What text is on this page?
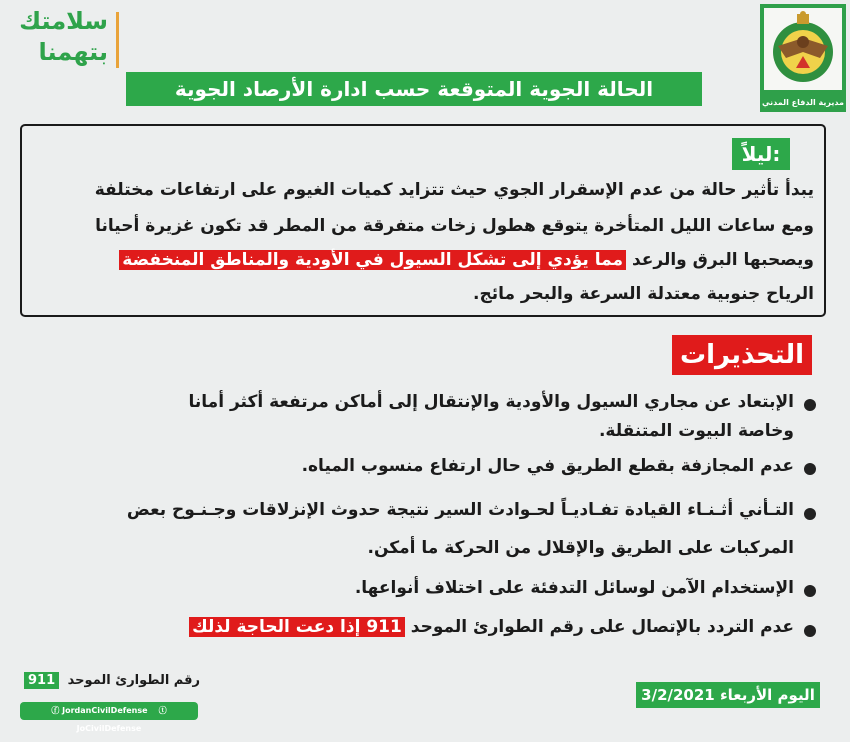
مديرية الدفاع المدني
سلامتك
بتهمنا
الحالة الجوية المتوقعة حسب ادارة الأرصاد الجوية
ليلاً:
يبدأ تأثير حالة من عدم الإسقرار الجوي حيث تتزايد كميات الغيوم على ارتفاعات مختلفة
ومع ساعات الليل المتأخرة يتوقع هطول زخات متفرقة من المطر قد تكون غزيرة أحيانا
ويصحبها البرق والرعد مما يؤدي إلى تشكل السيول في الأودية والمناطق المنخفضة
الرياح جنوبية معتدلة السرعة والبحر مائج.
التحذيرات
الإبتعاد عن مجاري السيول والأودية والإنتقال إلى أماكن مرتفعة أكثر أمانا
وخاصة البيوت المتنقلة.
عدم المجازفة بقطع الطريق في حال ارتفاع منسوب المياه.
التـأني أثـنـاء القيادة تفـاديـاً لحـوادث السير نتيجة حدوث الإنزلاقات وجـنـوح بعض
المركبات على الطريق والإقلال من الحركة ما أمكن.
الإستخدام الآمن لوسائل التدفئة على اختلاف أنواعها.
عدم التردد بالإتصال على رقم الطوارئ الموحد 911 إذا دعت الحاجة لذلك
رقم الطوارئ الموحد 911
ⓕ JordanCivilDefense ⓣ JoCivilDefense
اليوم الأربعاء 3/2/2021
